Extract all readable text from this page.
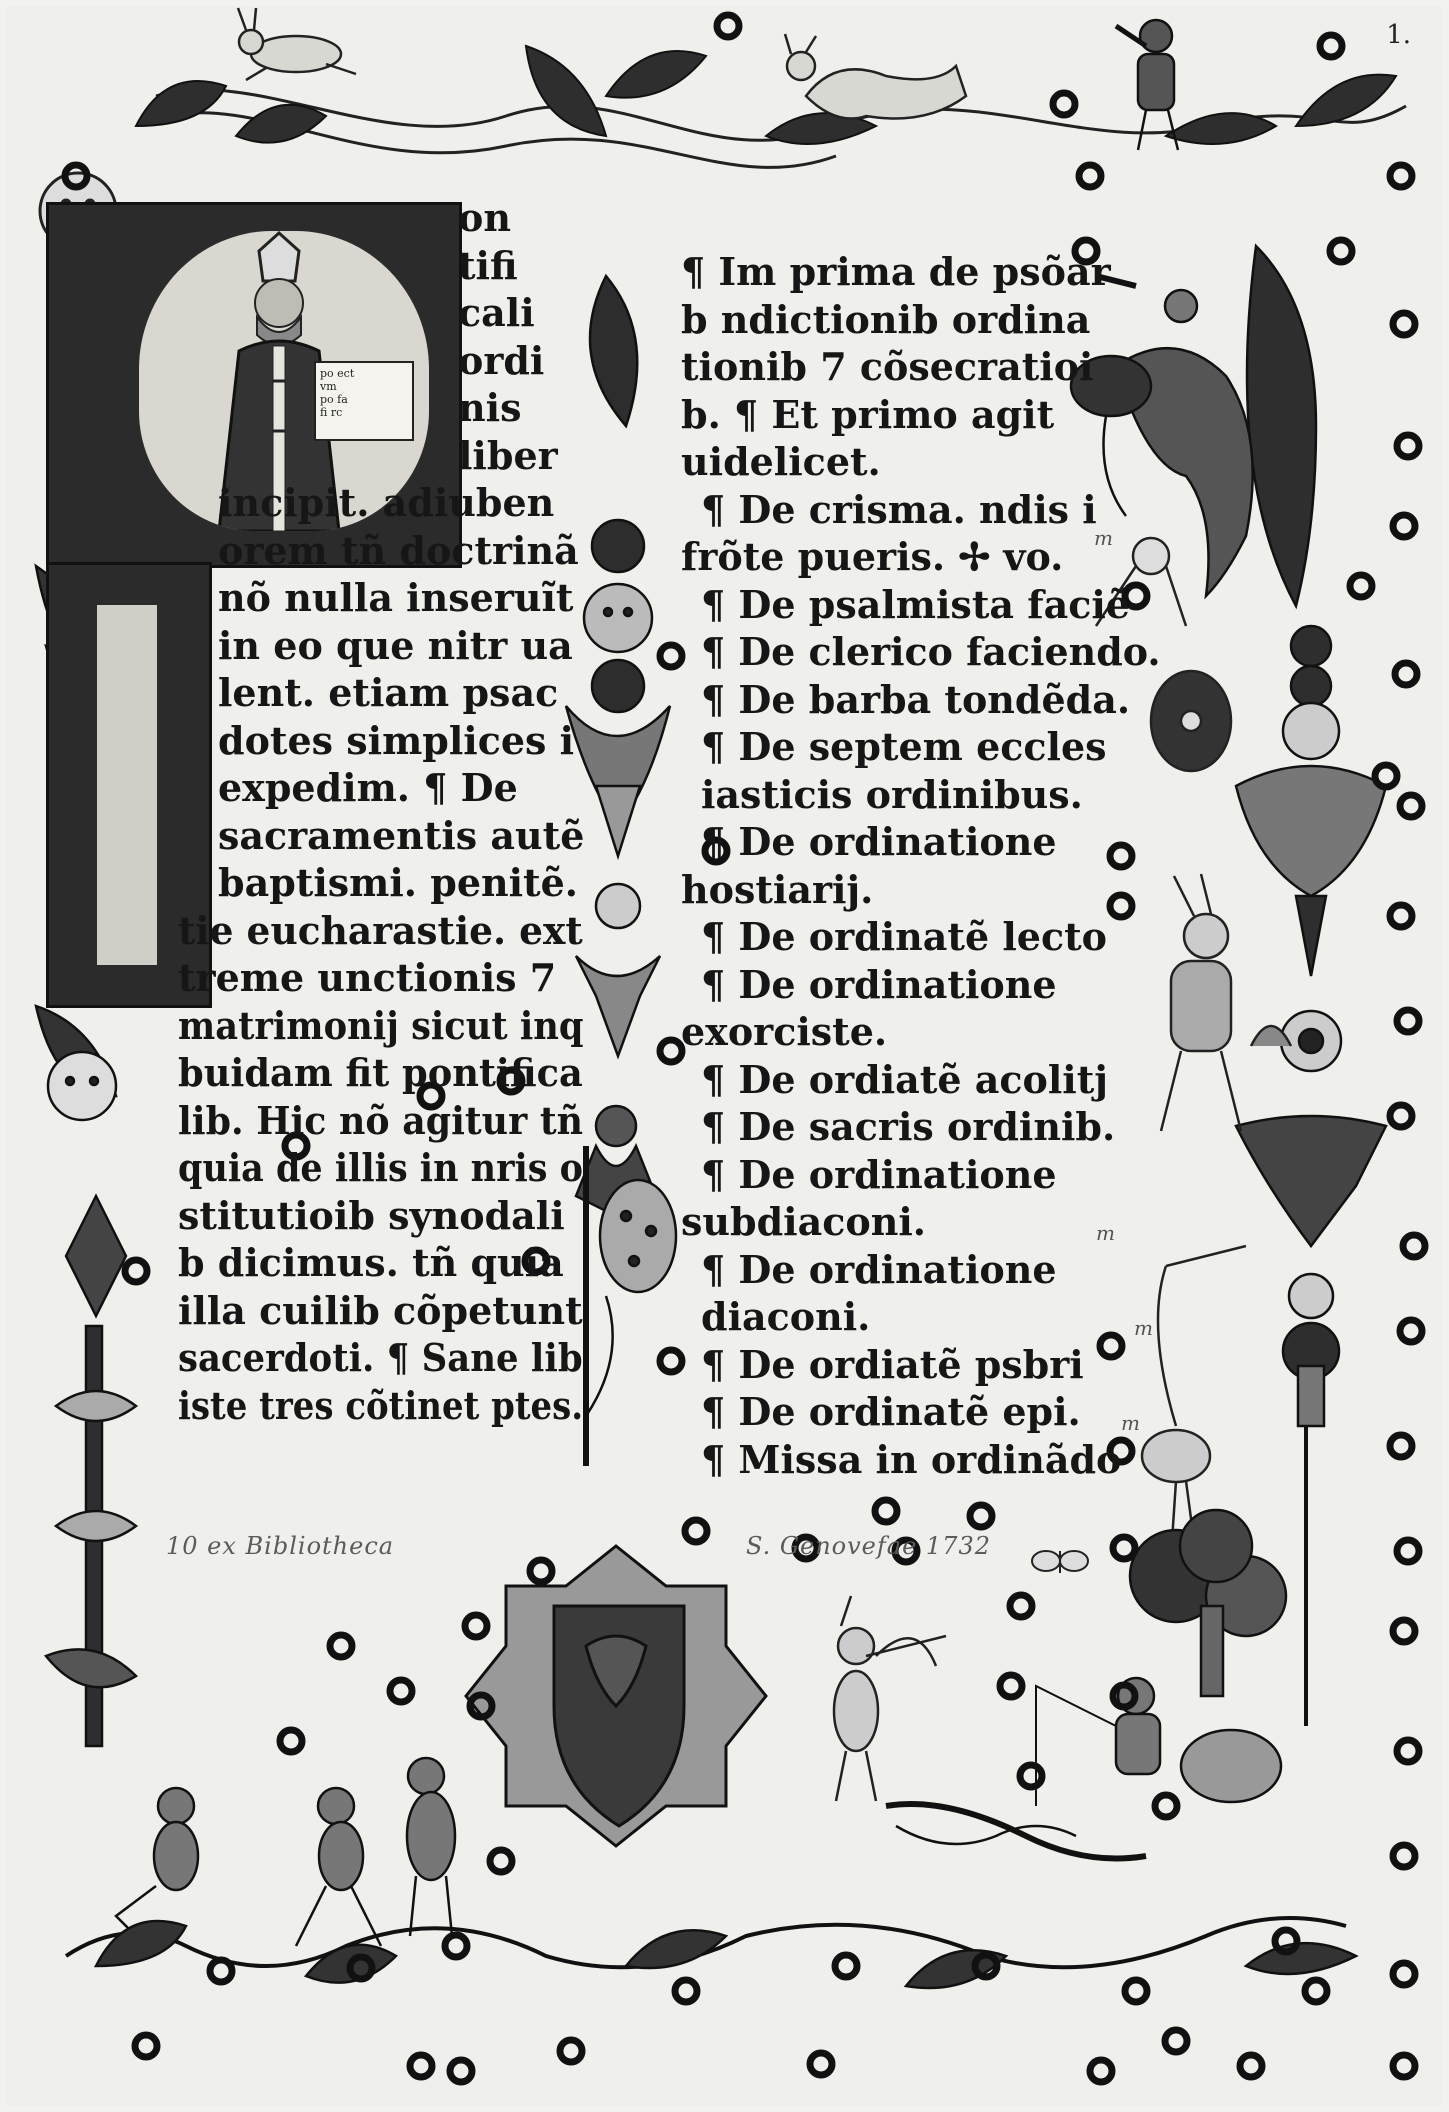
po ect
vm
po fa
fi rc
1.
on
tifi
cali
ordi
nis
liber
incipit. adiuben
orem tñ doctrinã
nõ nulla inseruĩt
in eo que nitr ua
lent. etiam psac
dotes simplices i
expedim. ¶ De
sacramentis autẽ
baptismi. penitẽ.
tie eucharastie. ext
treme unctionis 7
matrimonij sicut inq
buidam fit pontifica
lib. Hic nõ agitur tñ
quia de illis in nris o
stitutioib synodali
b dicimus. tñ quia
illa cuilib cõpetunt
sacerdoti. ¶ Sane lib
iste tres cõtinet ptes.
¶ Im prima de psõar
b ndictionib ordina
tionib 7 cõsecratioi
b. ¶ Et primo agit
uidelicet.
¶ De crisma. ndis i
frõte pueris. ✢ vo.
¶ De psalmista faciẽ
¶ De clerico faciendo.
¶ De barba tondẽda.
¶ De septem eccles
iasticis ordinibus.
¶ De ordinatione
hostiarij.
¶ De ordinatẽ lecto
¶ De ordinatione
exorciste.
¶ De ordiatẽ acolitj
¶ De sacris ordinib.
¶ De ordinatione
subdiaconi.
¶ De ordinatione
diaconi.
¶ De ordiatẽ psbri
¶ De ordinatẽ epi.
¶ Missa in ordinãdo
m
m
m
m
10 ex Bibliotheca	S. Genovefae 1732
